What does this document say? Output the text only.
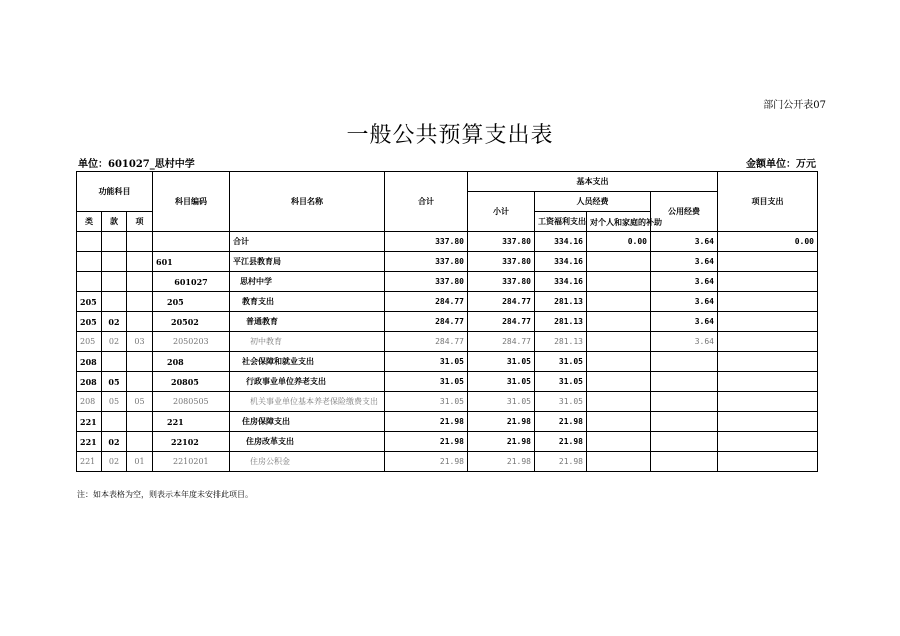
部门公开表07
一般公共预算支出表
单位：601027_思村中学	金额单位：万元
功能科目			科目编码	科目名称	合计	基本支出				项目支出
						小计	人员经费		公用经费	
类	款	项					工资福利支出	对个人和家庭的补助		
				合计	337.80	337.80	334.16	0.00	3.64	0.00
			601	平江县教育局	337.80	337.80	334.16		3.64	
			601027	思村中学	337.80	337.80	334.16		3.64	
205			205	教育支出	284.77	284.77	281.13		3.64	
205	02		20502	普通教育	284.77	284.77	281.13		3.64	
205	02	03	2050203	初中教育	284.77	284.77	281.13		3.64	
208			208	社会保障和就业支出	31.05	31.05	31.05			
208	05		20805	行政事业单位养老支出	31.05	31.05	31.05			
208	05	05	2080505	机关事业单位基本养老保险缴费支出	31.05	31.05	31.05			
221			221	住房保障支出	21.98	21.98	21.98			
221	02		22102	住房改革支出	21.98	21.98	21.98			
221	02	01	2210201	住房公积金	21.98	21.98	21.98			
注：如本表格为空，则表示本年度未安排此项目。
